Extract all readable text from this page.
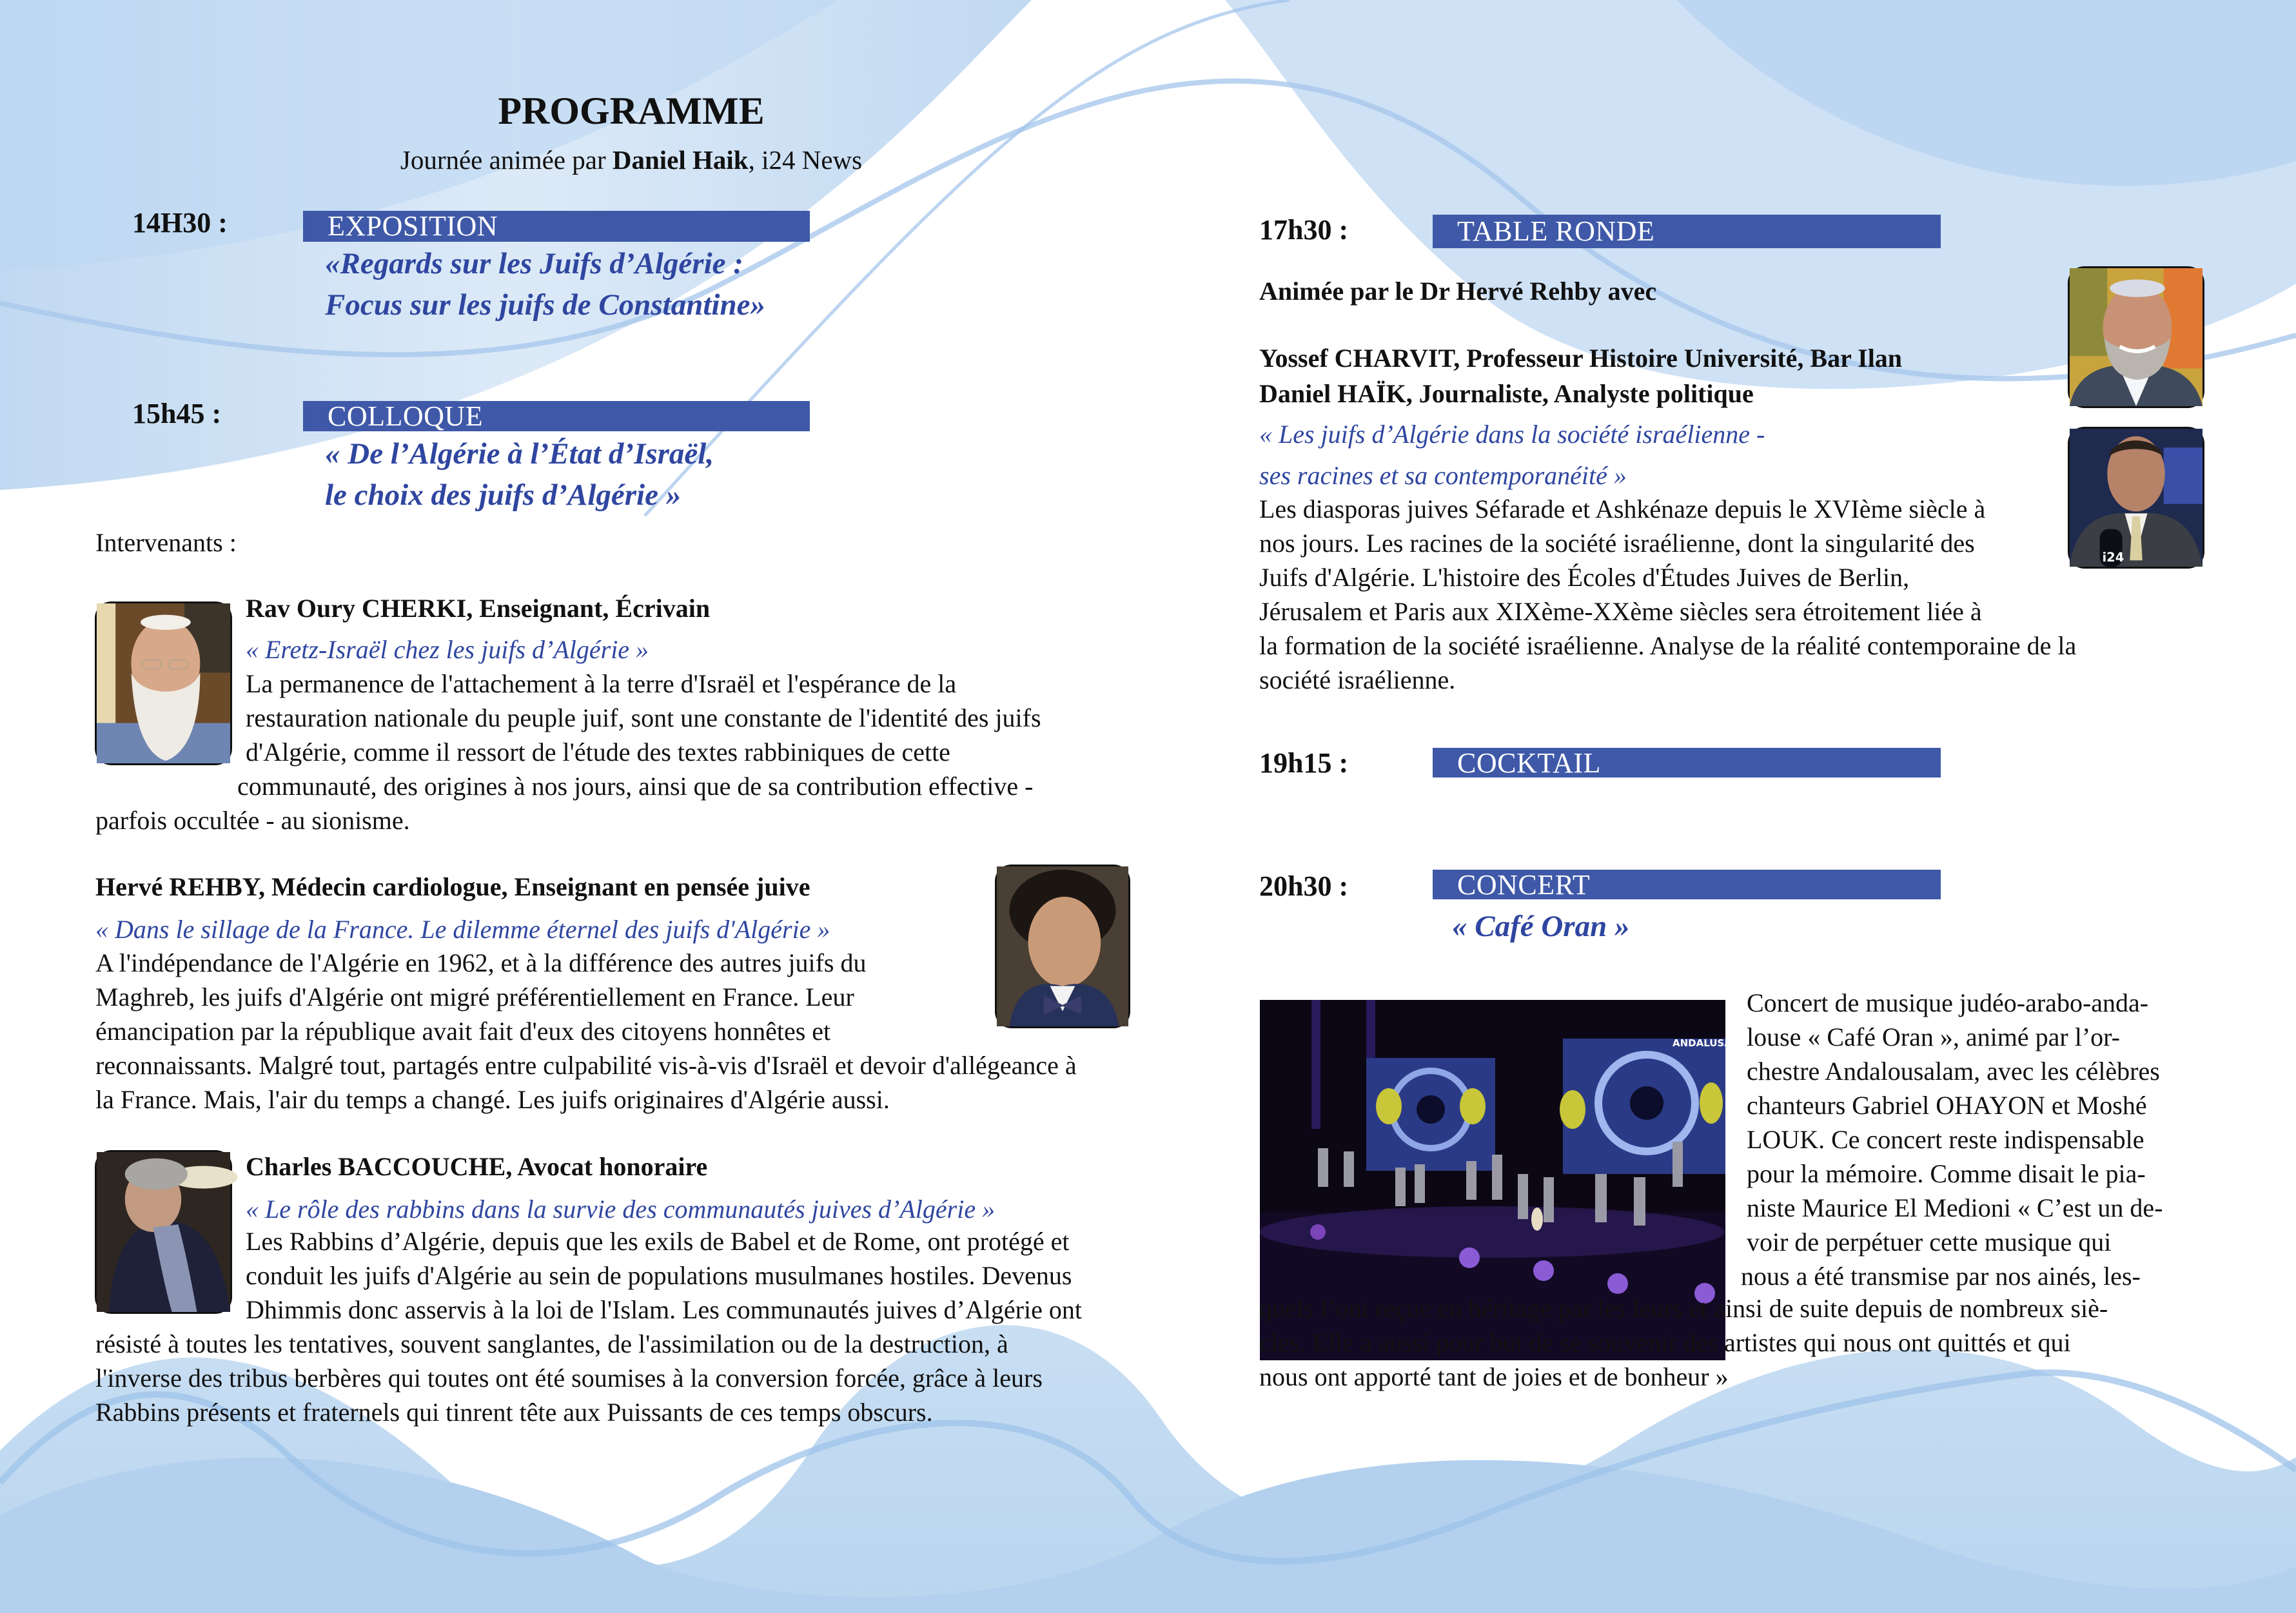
PROGRAMME
Journée animée par Daniel Haik, i24 News
14H30 :	EXPOSITION
«Regards sur les Juifs d’Algérie :
Focus sur les juifs de Constantine»
15h45 :	COLLOQUE
« De l’Algérie à l’État d’Israël,
le choix des juifs d’Algérie »
Intervenants :
Rav Oury CHERKI, Enseignant, Écrivain
« Eretz-Israël chez les juifs d’Algérie »
La permanence de l'attachement à la terre d'Israël et l'espérance de la
restauration nationale du peuple juif, sont une constante de l'identité des juifs
d'Algérie, comme il ressort de l'étude des textes rabbiniques de cette
communauté, des origines à nos jours, ainsi que de sa contribution effective -
parfois occultée - au sionisme.
Hervé REHBY, Médecin cardiologue, Enseignant en pensée juive
« Dans le sillage de la France. Le dilemme éternel des juifs d'Algérie »
A l'indépendance de l'Algérie en 1962, et à la différence des autres juifs du
Maghreb, les juifs d'Algérie ont migré préférentiellement en France. Leur
émancipation par la république avait fait d'eux des citoyens honnêtes et
reconnaissants. Malgré tout, partagés entre culpabilité vis-à-vis d'Israël et devoir d'allégeance à
la France. Mais, l'air du temps a changé. Les juifs originaires d'Algérie aussi.
Charles BACCOUCHE, Avocat honoraire
« Le rôle des rabbins dans la survie des communautés juives d’Algérie »
Les Rabbins d’Algérie, depuis que les exils de Babel et de Rome, ont protégé et
conduit les juifs d'Algérie au sein de populations musulmanes hostiles. Devenus
Dhimmis donc asservis à la loi de l'Islam. Les communautés juives d’Algérie ont
résisté à toutes les tentatives, souvent sanglantes, de l'assimilation ou de la destruction, à
l'inverse des tribus berbères qui toutes ont été soumises à la conversion forcée, grâce à leurs
Rabbins présents et fraternels qui tinrent tête aux Puissants de ces temps obscurs.
17h30 :	TABLE RONDE
Animée par le Dr Hervé Rehby avec
Yossef CHARVIT, Professeur Histoire Université, Bar Ilan
Daniel HAÏK, Journaliste, Analyste politique
« Les juifs d’Algérie dans la société israélienne -
ses racines et sa contemporanéité »
i24
Les diasporas juives Séfarade et Ashkénaze depuis le XVIème siècle à
nos jours. Les racines de la société israélienne, dont la singularité des
Juifs d'Algérie. L'histoire des Écoles d'Études Juives de Berlin,
Jérusalem et Paris aux XIXème-XXème siècles sera étroitement liée à
la formation de la société israélienne. Analyse de la réalité contemporaine de la
société israélienne.
19h15 :	COCKTAIL
20h30 :	CONCERT
« Café Oran »
ANDALUSALAM
Concert de musique judéo-arabo-anda-
louse « Café Oran », animé par l’or-
chestre Andalousalam, avec les célèbres
chanteurs Gabriel OHAYON et Moshé
LOUK. Ce concert reste indispensable
pour la mémoire. Comme disait le pia-
niste Maurice El Medioni « C’est un de-
voir de perpétuer cette musique qui
nous a été transmise par nos ainés, les-
quels l’ont reçue en héritage par les leurs et ainsi de suite depuis de nombreux siè-
cles. Elle a aussi pour but de se souvenir des artistes qui nous ont quittés et qui
nous ont apporté tant de joies et de bonheur »
